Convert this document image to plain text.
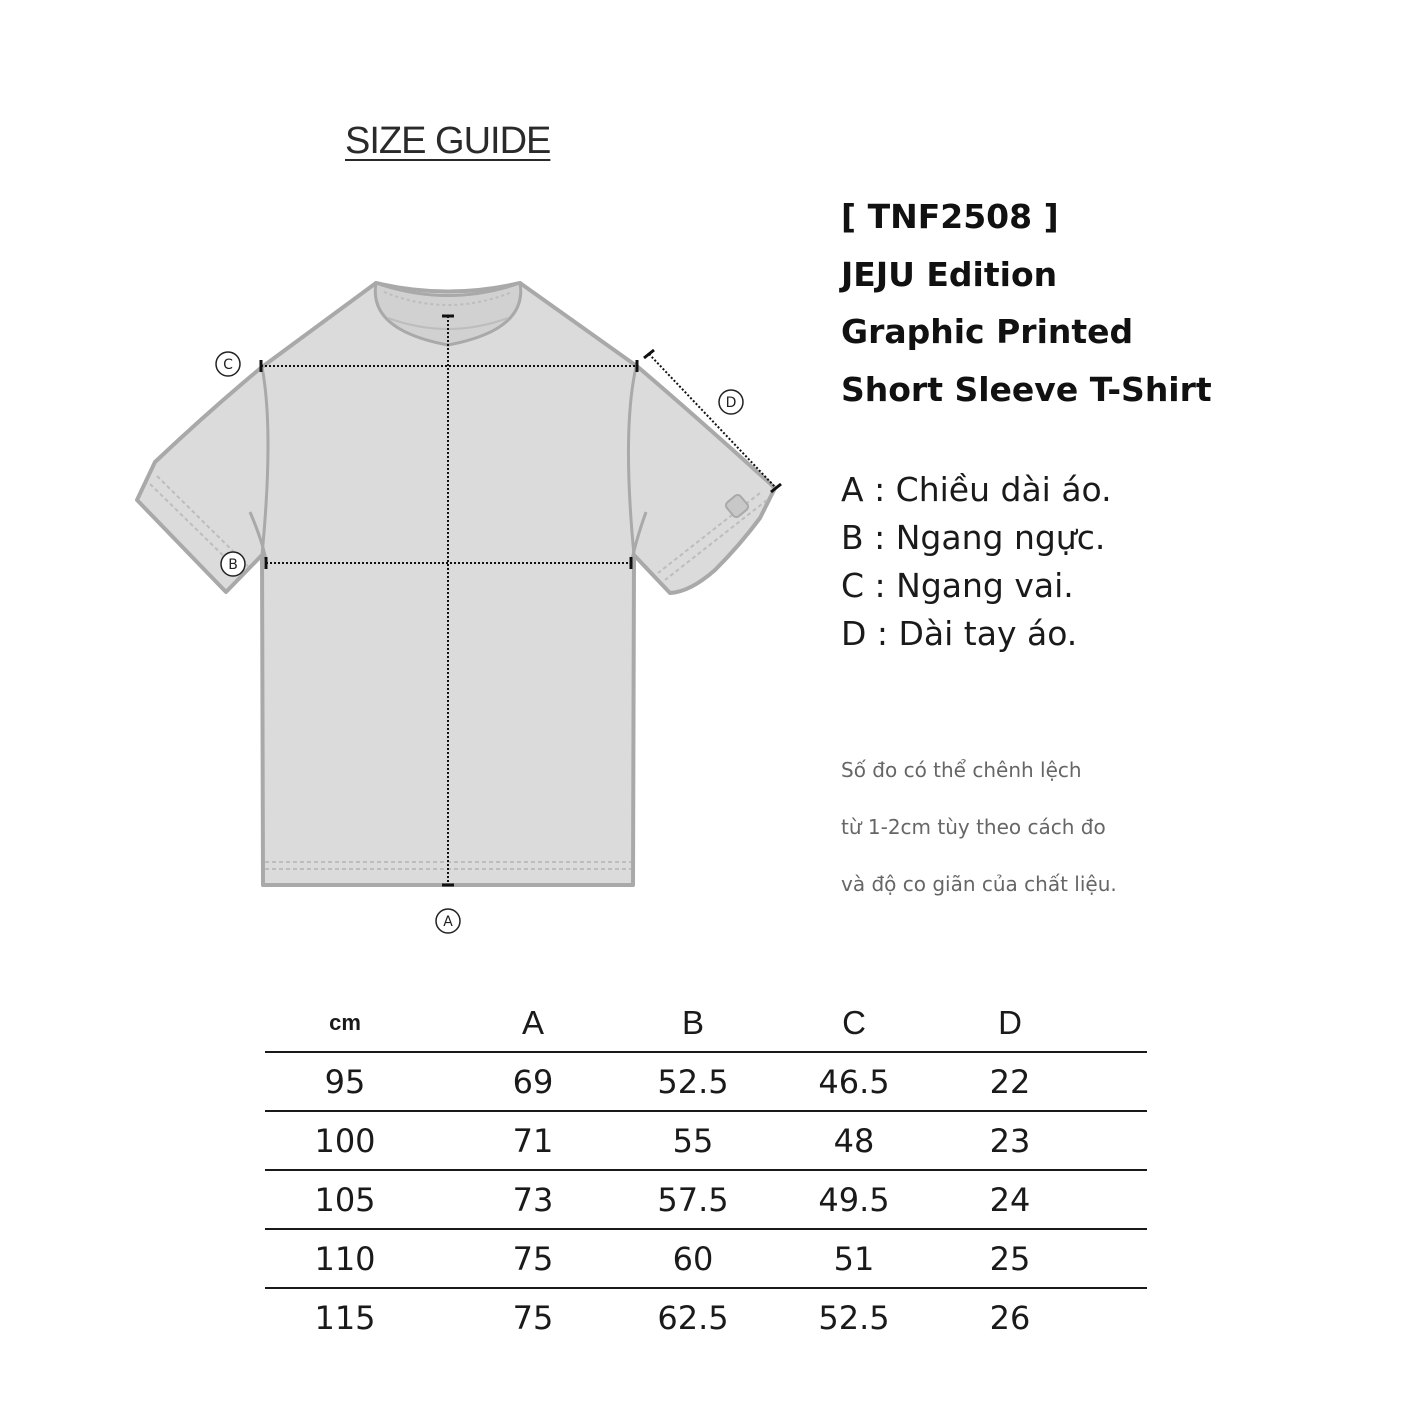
SIZE GUIDE
C
B
D
A
[ TNF2508 ]
JEJU Edition
Graphic Printed
Short Sleeve T-Shirt
A : Chiều dài áo.
B : Ngang ngực.
C : Ngang vai.
D : Dài tay áo.
Số đo có thể chênh lệch
từ 1-2cm tùy theo cách đo
và độ co giãn của chất liệu.
cm	A	B	C	D
95	69	52.5	46.5	22
100	71	55	48	23
105	73	57.5	49.5	24
110	75	60	51	25
115	75	62.5	52.5	26
